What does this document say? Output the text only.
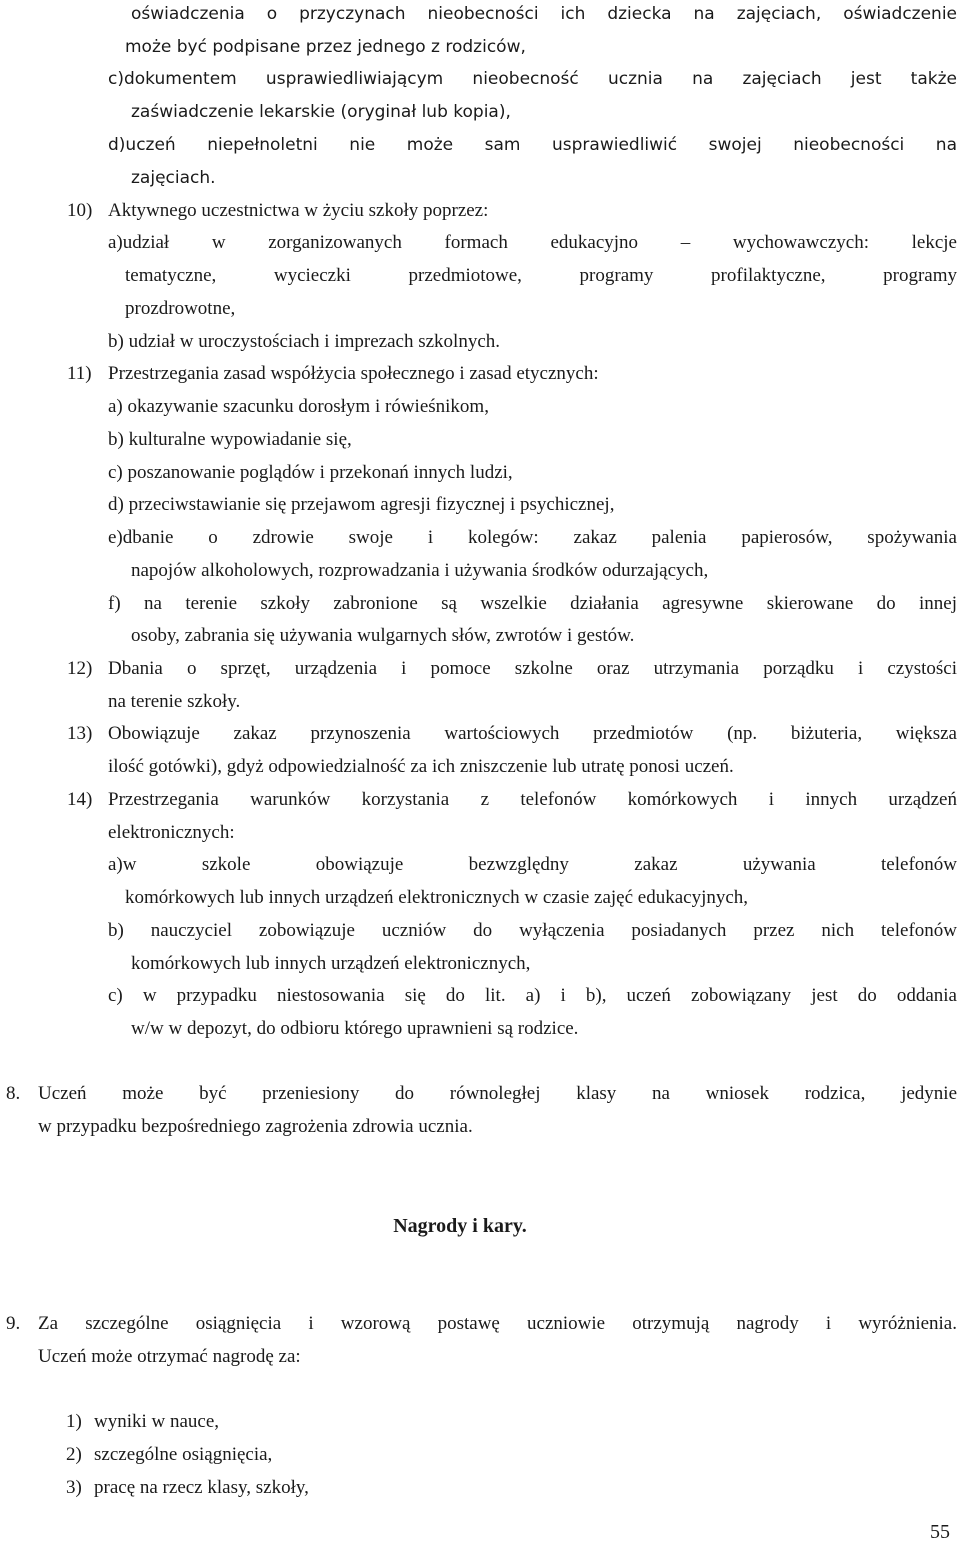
oświadczenia o przyczynach nieobecności ich dziecka na zajęciach, oświadczenie
może być podpisane przez jednego z rodziców,
c)dokumentem usprawiedliwiającym nieobecność ucznia na zajęciach jest także
zaświadczenie lekarskie (oryginał lub kopia),
d)uczeń niepełnoletni nie może sam usprawiedliwić swojej nieobecności na
zajęciach.
10) Aktywnego uczestnictwa w życiu szkoły poprzez:
a)udział w zorganizowanych formach edukacyjno – wychowawczych: lekcje
tematyczne, wycieczki przedmiotowe, programy profilaktyczne, programy
prozdrowotne,
b) udział w uroczystościach i imprezach szkolnych.
11) Przestrzegania zasad współżycia społecznego i zasad etycznych:
a) okazywanie szacunku dorosłym i rówieśnikom,
b) kulturalne wypowiadanie się,
c) poszanowanie poglądów i przekonań innych ludzi,
d) przeciwstawianie się przejawom agresji fizycznej i psychicznej,
e)dbanie o zdrowie swoje i kolegów: zakaz palenia papierosów, spożywania
napojów alkoholowych, rozprowadzania i używania środków odurzających,
f) na terenie szkoły zabronione są wszelkie działania agresywne skierowane do innej
osoby, zabrania się używania wulgarnych słów, zwrotów i gestów.
12) Dbania o sprzęt, urządzenia i pomoce szkolne oraz utrzymania porządku i czystości
na terenie szkoły.
13) Obowiązuje zakaz przynoszenia wartościowych przedmiotów (np. biżuteria, większa
ilość gotówki), gdyż odpowiedzialność za ich zniszczenie lub utratę ponosi uczeń.
14) Przestrzegania warunków korzystania z telefonów komórkowych i innych urządzeń
elektronicznych:
a)w szkole obowiązuje bezwzględny zakaz używania telefonów
komórkowych lub innych urządzeń elektronicznych w czasie zajęć edukacyjnych,
b) nauczyciel zobowiązuje uczniów do wyłączenia posiadanych przez nich telefonów
komórkowych lub innych urządzeń elektronicznych,
c) w przypadku niestosowania się do lit. a) i b), uczeń zobowiązany jest do oddania
w/w w depozyt, do odbioru którego uprawnieni są rodzice.
8. Uczeń może być przeniesiony do równoległej klasy na wniosek rodzica, jedynie
w przypadku bezpośredniego zagrożenia zdrowia ucznia.
Nagrody i kary.
9. Za szczególne osiągnięcia i wzorową postawę uczniowie otrzymują nagrody i wyróżnienia.
Uczeń może otrzymać nagrodę za:
1) wyniki w nauce,
2) szczególne osiągnięcia,
3) pracę na rzecz klasy, szkoły,
55
